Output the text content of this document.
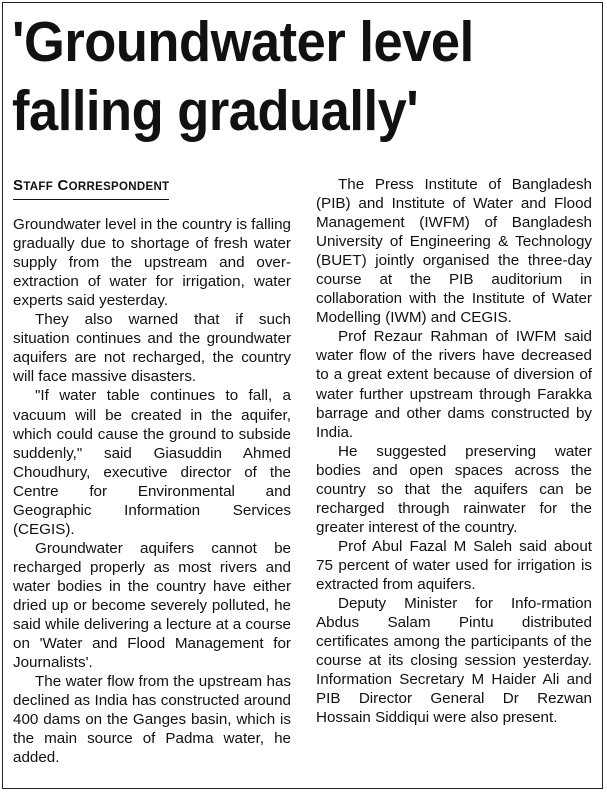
'Groundwater level
falling gradually'
STAFF CORRESPONDENT

Groundwater level in the country is falling gradually due to shortage of fresh water supply from the upstream and over-extraction of water for irrigation, water experts said yesterday.

They also warned that if such situation continues and the groundwater aquifers are not recharged, the country will face massive disasters.

"If water table continues to fall, a vacuum will be created in the aquifer, which could cause the ground to subside suddenly," said Giasuddin Ahmed Choudhury, executive director of the Centre for Environmental and Geographic Information Services (CEGIS).

Groundwater aquifers cannot be recharged properly as most rivers and water bodies in the country have either dried up or become severely polluted, he said while delivering a lecture at a course on 'Water and Flood Management for Journalists'.

The water flow from the upstream has declined as India has constructed around 400 dams on the Ganges basin, which is the main source of Padma water, he added.

The Press Institute of Bangladesh (PIB) and Institute of Water and Flood Management (IWFM) of Bangladesh University of Engineering & Technology (BUET) jointly organised the three-day course at the PIB auditorium in collaboration with the Institute of Water Modelling (IWM) and CEGIS.

Prof Rezaur Rahman of IWFM said water flow of the rivers have decreased to a great extent because of diversion of water further upstream through Farakka barrage and other dams constructed by India.

He suggested preserving water bodies and open spaces across the country so that the aquifers can be recharged through rainwater for the greater interest of the country.

Prof Abul Fazal M Saleh said about 75 percent of water used for irrigation is extracted from aquifers.

Deputy Minister for Info-rmation Abdus Salam Pintu distributed certificates among the participants of the course at its closing session yesterday. Information Secretary M Haider Ali and PIB Director General Dr Rezwan Hossain Siddiqui were also present.
